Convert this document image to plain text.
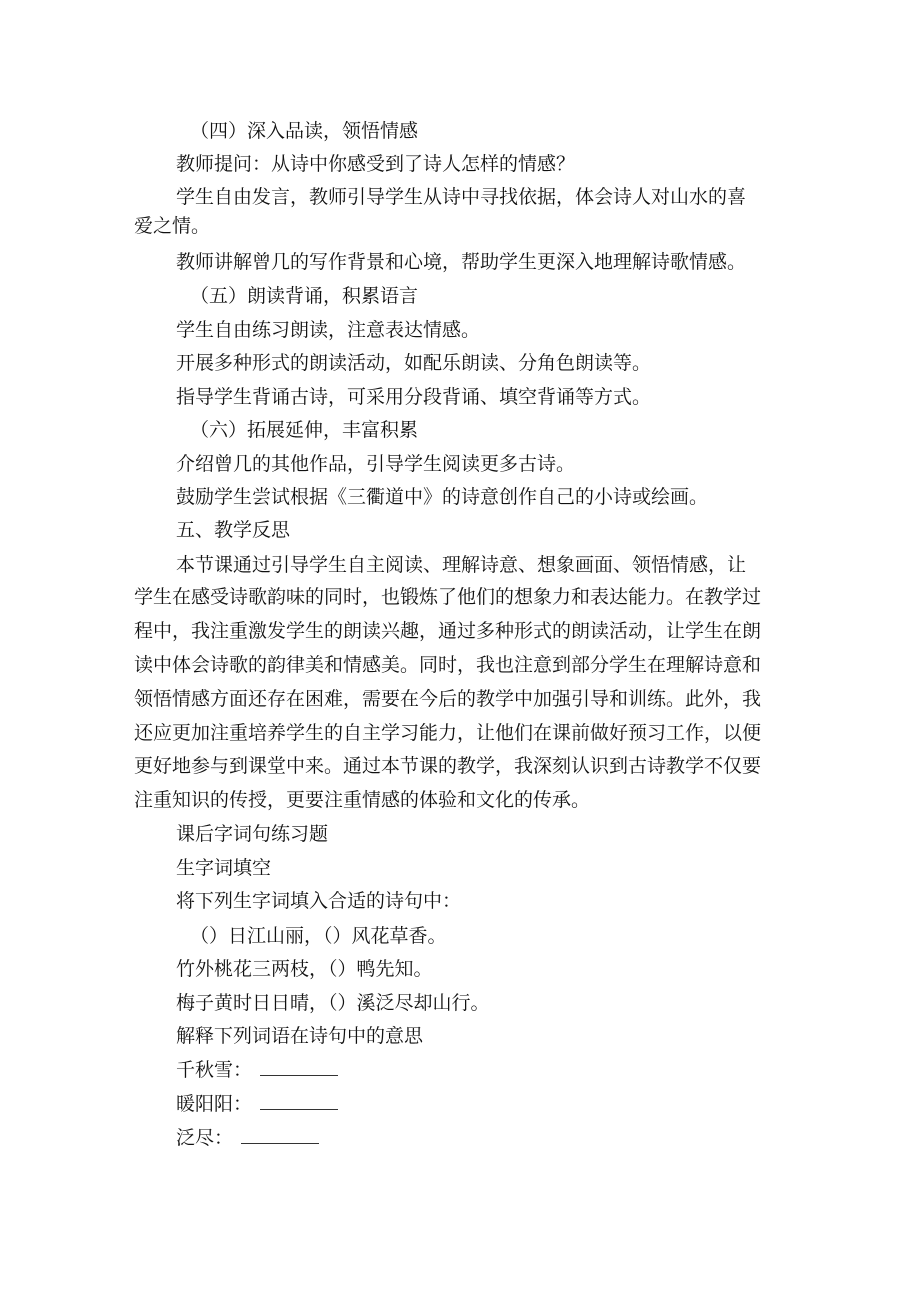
（四）深入品读，领悟情感
教师提问：从诗中你感受到了诗人怎样的情感？
学生自由发言，教师引导学生从诗中寻找依据，体会诗人对山水的喜
爱之情。
教师讲解曾几的写作背景和心境，帮助学生更深入地理解诗歌情感。
（五）朗读背诵，积累语言
学生自由练习朗读，注意表达情感。
开展多种形式的朗读活动，如配乐朗读、分角色朗读等。
指导学生背诵古诗，可采用分段背诵、填空背诵等方式。
（六）拓展延伸，丰富积累
介绍曾几的其他作品，引导学生阅读更多古诗。
鼓励学生尝试根据《三衢道中》的诗意创作自己的小诗或绘画。
五、教学反思
本节课通过引导学生自主阅读、理解诗意、想象画面、领悟情感，让
学生在感受诗歌韵味的同时，也锻炼了他们的想象力和表达能力。在教学过
程中，我注重激发学生的朗读兴趣，通过多种形式的朗读活动，让学生在朗
读中体会诗歌的韵律美和情感美。同时，我也注意到部分学生在理解诗意和
领悟情感方面还存在困难，需要在今后的教学中加强引导和训练。此外，我
还应更加注重培养学生的自主学习能力，让他们在课前做好预习工作，以便
更好地参与到课堂中来。通过本节课的教学，我深刻认识到古诗教学不仅要
注重知识的传授，更要注重情感的体验和文化的传承。
课后字词句练习题
生字词填空
将下列生字词填入合适的诗句中：
（）日江山丽，（）风花草香。
竹外桃花三两枝，（）鸭先知。
梅子黄时日日晴，（）溪泛尽却山行。
解释下列词语在诗句中的意思
千秋雪：
暖阳阳：
泛尽：
